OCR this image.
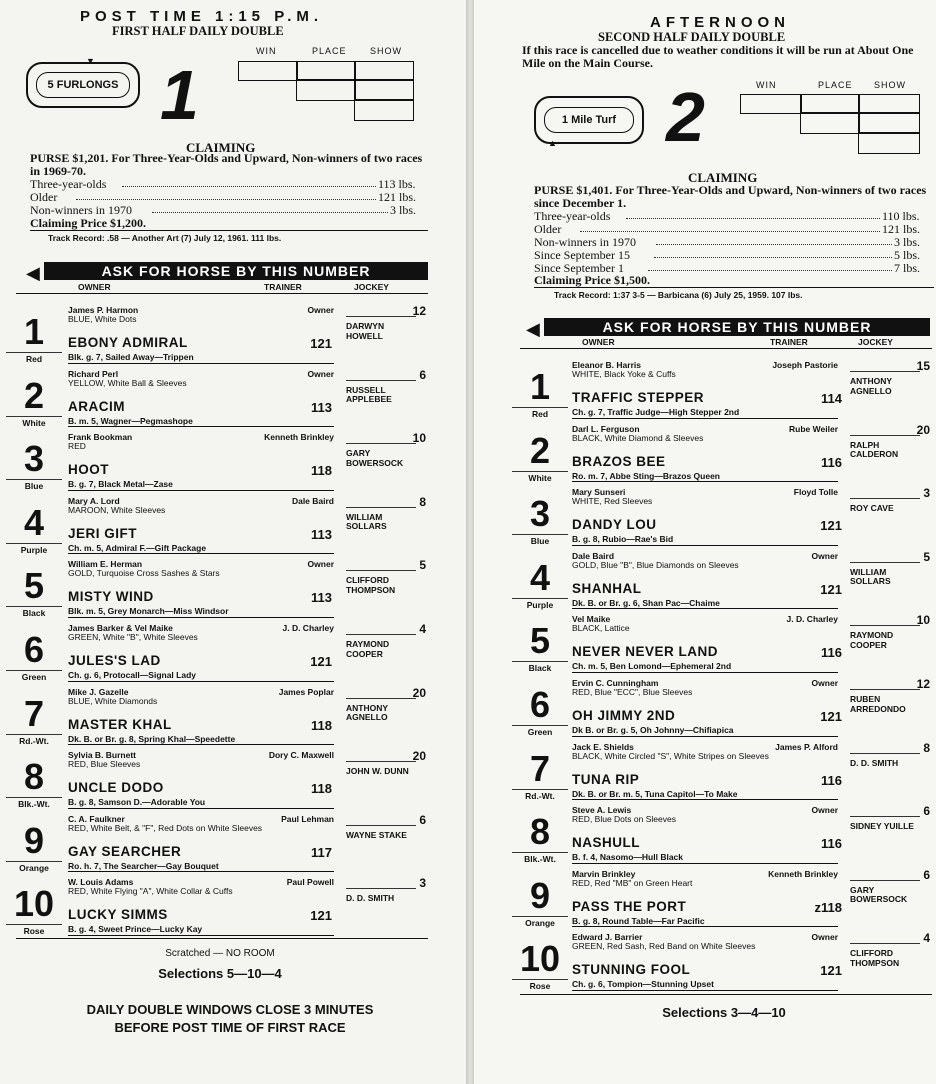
POST TIME 1:15 P.M.
FIRST HALF DAILY DOUBLE
5 FURLONGS
▼ 1
WIN	PLACE	SHOW
CLAIMING
PURSE $1,201. For Three-Year-Olds and Upward, Non-winners of two races in 1969-70.
Three-year-olds	113 lbs.
Older	121 lbs.
Non-winners in 1970	3 lbs.
Claiming Price $1,200.
Track Record: .58 — Another Art (7) July 12, 1961. 111 lbs.
ASK FOR HORSE BY THIS NUMBER
◀
OWNER	TRAINER	JOCKEY
1
Red
James P. Harmon	Owner
BLUE, White Dots
EBONY ADMIRAL	121
Blk. g. 7, Sailed Away—Trippen
12
DARWYN HOWELL
2
White
Richard Perl	Owner
YELLOW, White Ball & Sleeves
ARACIM	113
B. m. 5, Wagner—Pegmashope
6
RUSSELL APPLEBEE
3
Blue
Frank Bookman	Kenneth Brinkley
RED
HOOT	118
B. g. 7, Black Metal—Zase
10
GARY BOWERSOCK
4
Purple
Mary A. Lord	Dale Baird
MAROON, White Sleeves
JERI GIFT	113
Ch. m. 5, Admiral F.—Gift Package
8
WILLIAM SOLLARS
5
Black
William E. Herman	Owner
GOLD, Turquoise Cross Sashes & Stars
MISTY WIND	113
Blk. m. 5, Grey Monarch—Miss Windsor
5
CLIFFORD THOMPSON
6
Green
James Barker & Vel Maike	J. D. Charley
GREEN, White "B", White Sleeves
JULES'S LAD	121
Ch. g. 6, Protocall—Signal Lady
4
RAYMOND COOPER
7
Rd.-Wt.
Mike J. Gazelle	James Poplar
BLUE, White Diamonds
MASTER KHAL	118
Dk. B. or Br. g. 8, Spring Khal—Speedette
20
ANTHONY AGNELLO
8
Blk.-Wt.
Sylvia B. Burnett	Dory C. Maxwell
RED, Blue Sleeves
UNCLE DODO	118
B. g. 8, Samson D.—Adorable You
20
JOHN W. DUNN
9
Orange
C. A. Faulkner	Paul Lehman
RED, White Belt, & "F", Red Dots on White Sleeves
GAY SEARCHER	117
Ro. h. 7, The Searcher—Gay Bouquet
6
WAYNE STAKE
10
Rose
W. Louis Adams	Paul Powell
RED, White Flying "A", White Collar & Cuffs
LUCKY SIMMS	121
B. g. 4, Sweet Prince—Lucky Kay
3
D. D. SMITH
Scratched — NO ROOM
Selections 5—10—4
DAILY DOUBLE WINDOWS CLOSE 3 MINUTES BEFORE POST TIME OF FIRST RACE
AFTERNOON
SECOND HALF DAILY DOUBLE
If this race is cancelled due to weather conditions it will be run at About One Mile on the Main Course.
1 Mile Turf
▲ 2	WIN	PLACE SHOW
CLAIMING
PURSE $1,401. For Three-Year-Olds and Upward, Non-winners of two races since December 1.
Three-year-olds	110 lbs.
Older	121 lbs.
Non-winners in 1970	3 lbs.
Since September 15	5 lbs.
Since September 1	7 lbs.
Claiming Price $1,500.
Track Record: 1:37 3-5 — Barbicana (6) July 25, 1959. 107 lbs.
ASK FOR HORSE BY THIS NUMBER
◀
OWNER	TRAINER	JOCKEY
1
Red
Eleanor B. Harris	Joseph Pastorie
WHITE, Black Yoke & Cuffs
TRAFFIC STEPPER	114
Ch. g. 7, Traffic Judge—High Stepper 2nd
15
ANTHONY AGNELLO
2
White
Darl L. Ferguson	Rube Weiler
BLACK, White Diamond & Sleeves
BRAZOS BEE	116
Ro. m. 7, Abbe Sting—Brazos Queen
20
RALPH CALDERON
3
Blue
Mary Sunseri	Floyd Tolle
WHITE, Red Sleeves
DANDY LOU	121
B. g. 8, Rubio—Rae's Bid
3
ROY CAVE
4
Purple
Dale Baird	Owner
GOLD, Blue "B", Blue Diamonds on Sleeves
SHANHAL	121
Dk. B. or Br. g. 6, Shan Pac—Chaime
5
WILLIAM SOLLARS
5
Black
Vel Maike	J. D. Charley
BLACK, Lattice
NEVER NEVER LAND	116
Ch. m. 5, Ben Lomond—Ephemeral 2nd
10
RAYMOND COOPER
6
Green
Ervin C. Cunningham	Owner
RED, Blue "ECC", Blue Sleeves
OH JIMMY 2ND	121
Dk B. or Br. g. 5, Oh Johnny—Chifiapica
12
RUBEN ARREDONDO
7
Rd.-Wt.
Jack E. Shields	James P. Alford
BLACK, White Circled "S", White Stripes on Sleeves
TUNA RIP	116
Dk. B. or Br. m. 5, Tuna Capitol—To Make
8
D. D. SMITH
8
Blk.-Wt.
Steve A. Lewis	Owner
RED, Blue Dots on Sleeves
NASHULL	116
B. f. 4, Nasomo—Hull Black
6
SIDNEY YUILLE
9
Orange
Marvin Brinkley	Kenneth Brinkley
RED, Red "MB" on Green Heart
PASS THE PORT	z118
B. g. 8, Round Table—Far Pacific
6
GARY BOWERSOCK
10
Rose
Edward J. Barrier	Owner
GREEN, Red Sash, Red Band on White Sleeves
STUNNING FOOL	121
Ch. g. 6, Tompion—Stunning Upset
4
CLIFFORD THOMPSON
Selections 3—4—10
